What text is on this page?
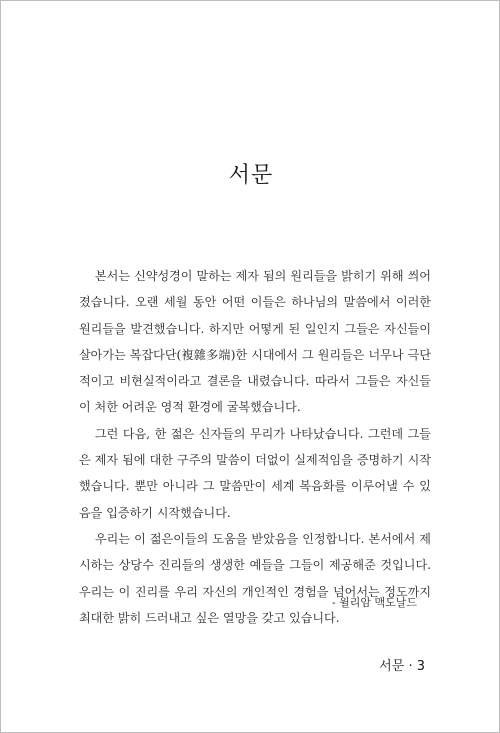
서문

본서는 신약성경이 말하는 제자 됨의 원리들을 밝히기 위해 씌어졌습니다. 오랜 세월 동안 어떤 이들은 하나님의 말씀에서 이러한 원리들을 발견했습니다. 하지만 어떻게 된 일인지 그들은 자신들이 살아가는 복잡다단(複雜多端)한 시대에서 그 원리들은 너무나 극단적이고 비현실적이라고 결론을 내렸습니다. 따라서 그들은 자신들이 처한 어려운 영적 환경에 굴복했습니다.

그런 다음, 한 젊은 신자들의 무리가 나타났습니다. 그런데 그들은 제자 됨에 대한 구주의 말씀이 더없이 실제적임을 증명하기 시작했습니다. 뿐만 아니라 그 말씀만이 세계 복음화를 이루어낼 수 있음을 입증하기 시작했습니다.

우리는 이 젊은이들의 도움을 받았음을 인정합니다. 본서에서 제시하는 상당수 진리들의 생생한 예들을 그들이 제공해준 것입니다. 우리는 이 진리를 우리 자신의 개인적인 경험을 넘어서는 정도까지 최대한 밝히 드러내고 싶은 열망을 갖고 있습니다.

- 윌리암 맥도날드
서문 · 3
